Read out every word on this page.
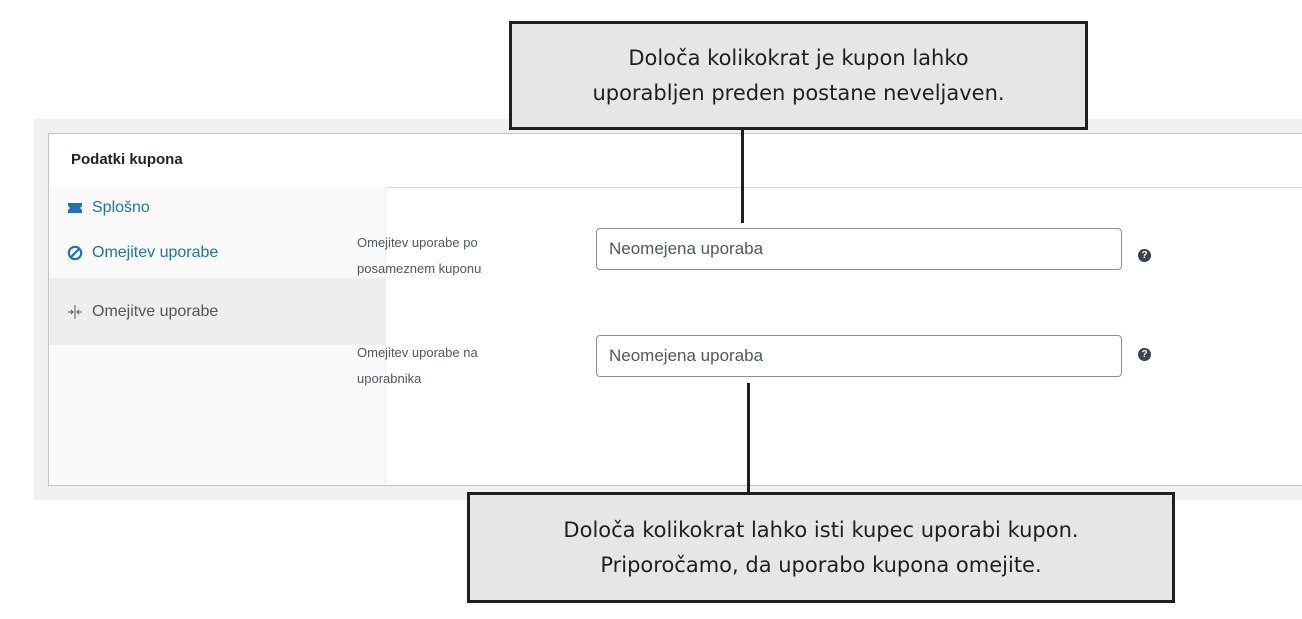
Podatki kupona
Splošno
Omejitev uporabe
Omejitve uporabe
Omejitev uporabe po
posameznem kuponu
Neomejena uporaba
?
Omejitev uporabe na
uporabnika
Neomejena uporaba
?
Določa kolikokrat je kupon lahko
uporabljen preden postane neveljaven.
Določa kolikokrat lahko isti kupec uporabi kupon.
Priporočamo, da uporabo kupona omejite.
